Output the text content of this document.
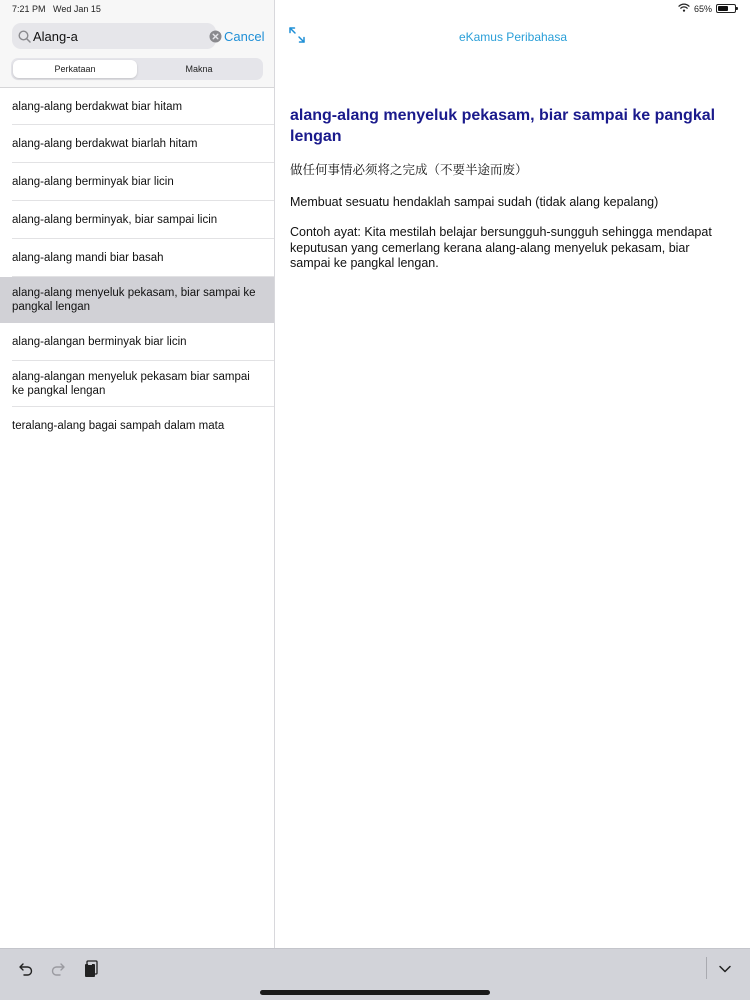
Alang-a
Cancel
Perkataan	Makna
alang-alang berdakwat biar hitam
alang-alang berdakwat biarlah hitam
alang-alang berminyak biar licin
alang-alang berminyak, biar sampai licin
alang-alang mandi biar basah
alang-alang menyeluk pekasam, biar sampai ke pangkal lengan
alang-alangan berminyak biar licin
alang-alangan menyeluk pekasam biar sampai ke pangkal lengan
teralang-alang bagai sampah dalam mata
eKamus Peribahasa
alang-alang menyeluk pekasam, biar sampai ke pangkal lengan
做任何事情必须将之完成（不要半途而废）
Membuat sesuatu hendaklah sampai sudah (tidak alang kepalang)
Contoh ayat: Kita mestilah belajar bersungguh-sungguh sehingga mendapat keputusan yang cemerlang kerana alang-alang menyeluk pekasam, biar sampai ke pangkal lengan.
7:21 PM Wed Jan 15	65%
